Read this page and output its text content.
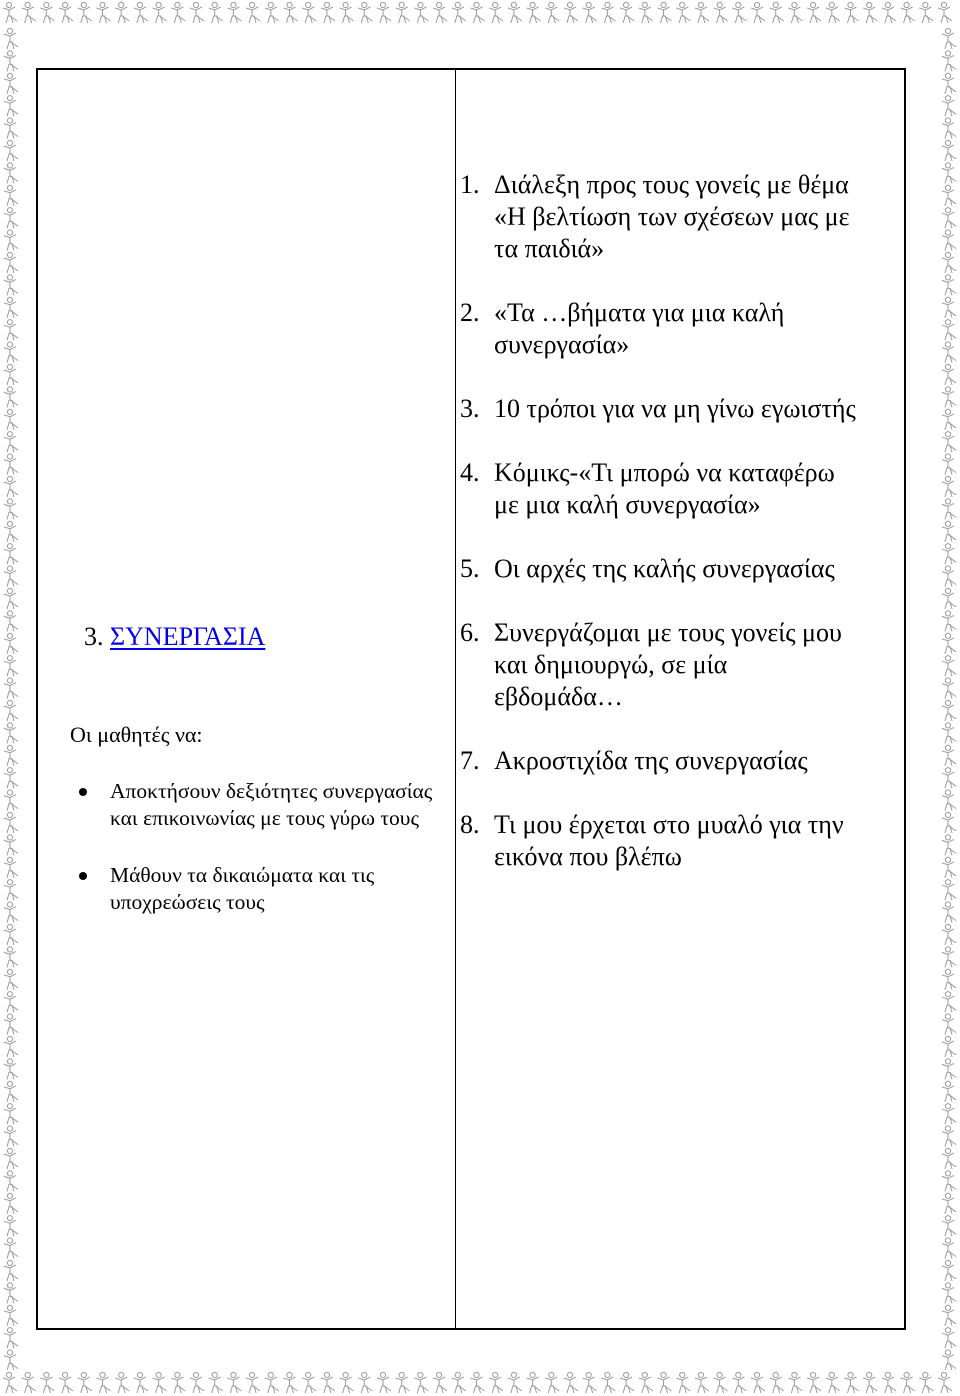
3. ΣΥΝΕΡΓΑΣΙΑ

Οι μαθητές να:

Αποκτήσουν δεξιότητες συνεργασίας και επικοινωνίας με τους γύρω τους
Μάθουν τα δικαιώματα και τις υποχρεώσεις τους
1. Διάλεξη προς τους γονείς με θέμα «Η βελτίωση των σχέσεων μας με τα παιδιά»
2. «Τα …βήματα για μια καλή συνεργασία»
3. 10 τρόποι για να μη γίνω εγωιστής
4. Κόμικς-«Τι μπορώ να καταφέρω με μια καλή συνεργασία»
5. Οι αρχές της καλής συνεργασίας
6. Συνεργάζομαι με τους γονείς μου και δημιουργώ, σε μία εβδομάδα…
7. Ακροστιχίδα της συνεργασίας
8. Τι μου έρχεται στο μυαλό για την εικόνα που βλέπω
